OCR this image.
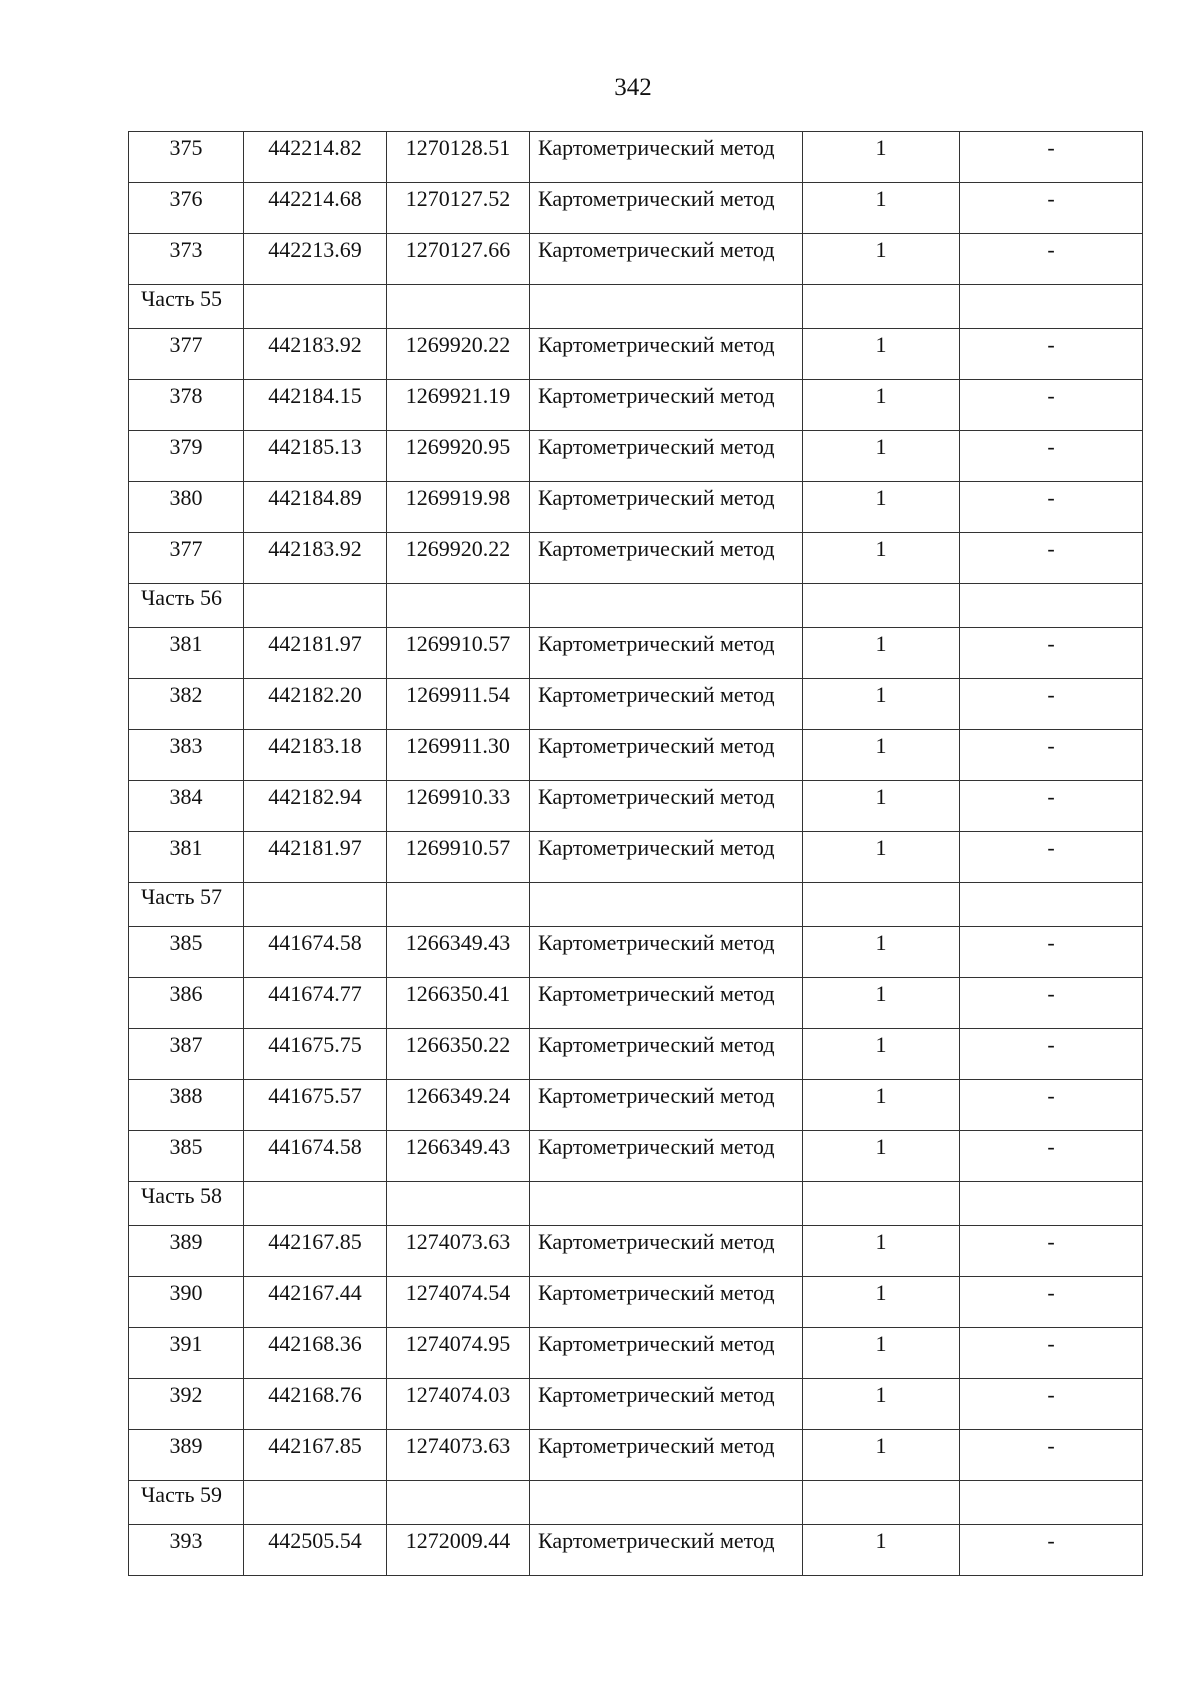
342
375	442214.82	1270128.51	Картометрический метод	1	-

376	442214.68	1270127.52	Картометрический метод	1	-

373	442213.69	1270127.66	Картометрический метод	1	-

Часть 55					

377	442183.92	1269920.22	Картометрический метод	1	-

378	442184.15	1269921.19	Картометрический метод	1	-

379	442185.13	1269920.95	Картометрический метод	1	-

380	442184.89	1269919.98	Картометрический метод	1	-

377	442183.92	1269920.22	Картометрический метод	1	-

Часть 56					

381	442181.97	1269910.57	Картометрический метод	1	-

382	442182.20	1269911.54	Картометрический метод	1	-

383	442183.18	1269911.30	Картометрический метод	1	-

384	442182.94	1269910.33	Картометрический метод	1	-

381	442181.97	1269910.57	Картометрический метод	1	-

Часть 57					

385	441674.58	1266349.43	Картометрический метод	1	-

386	441674.77	1266350.41	Картометрический метод	1	-

387	441675.75	1266350.22	Картометрический метод	1	-

388	441675.57	1266349.24	Картометрический метод	1	-

385	441674.58	1266349.43	Картометрический метод	1	-

Часть 58					

389	442167.85	1274073.63	Картометрический метод	1	-

390	442167.44	1274074.54	Картометрический метод	1	-

391	442168.36	1274074.95	Картометрический метод	1	-

392	442168.76	1274074.03	Картометрический метод	1	-

389	442167.85	1274073.63	Картометрический метод	1	-

Часть 59					

393	442505.54	1272009.44	Картометрический метод	1	-
